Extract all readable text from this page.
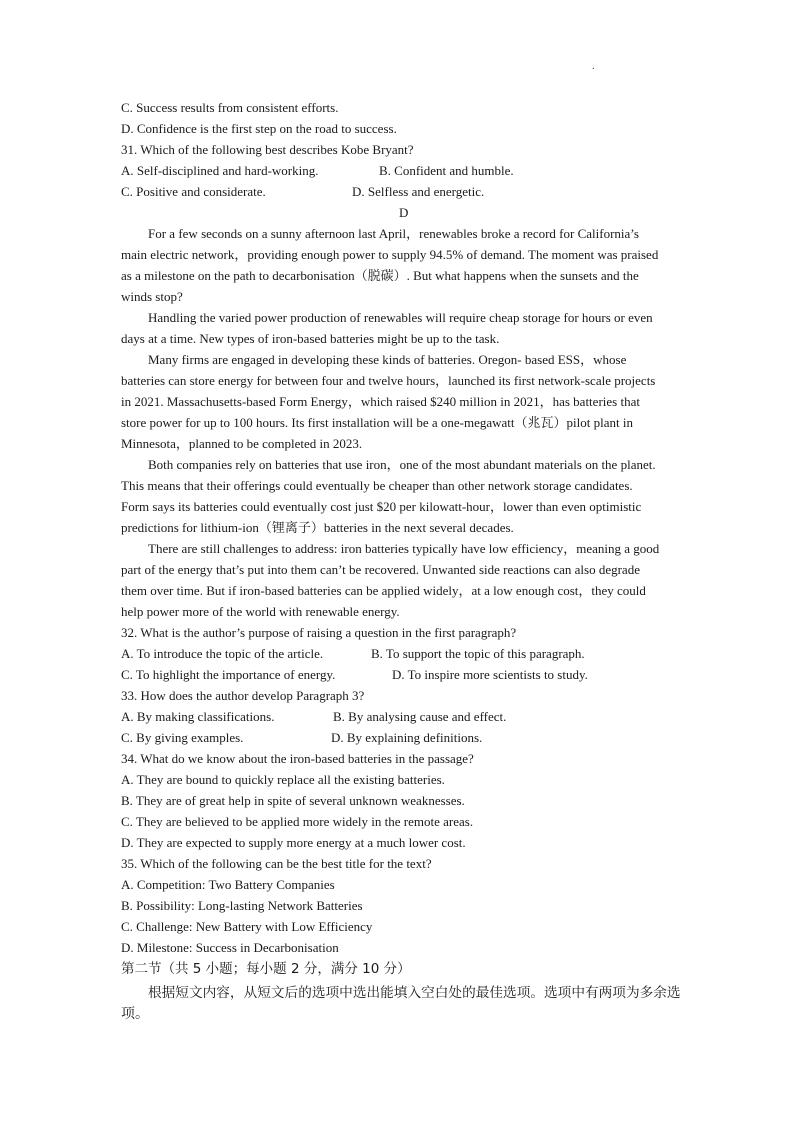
.
C. Success results from consistent efforts.
D. Confidence is the first step on the road to success.
31. Which of the following best describes Kobe Bryant?
A. Self-disciplined and hard-working.	B. Confident and humble.
C. Positive and considerate.	D. Selfless and energetic.
D
For a few seconds on a sunny afternoon last April，renewables broke a record for California’s
main electric network，providing enough power to supply 94.5% of demand. The moment was praised
as a milestone on the path to decarbonisation（脱碳）. But what happens when the sunsets and the
winds stop?
Handling the varied power production of renewables will require cheap storage for hours or even
days at a time. New types of iron-based batteries might be up to the task.
Many firms are engaged in developing these kinds of batteries. Oregon- based ESS，whose
batteries can store energy for between four and twelve hours，launched its first network-scale projects
in 2021. Massachusetts-based Form Energy，which raised $240 million in 2021，has batteries that
store power for up to 100 hours. Its first installation will be a one-megawatt（兆瓦）pilot plant in
Minnesota，planned to be completed in 2023.
Both companies rely on batteries that use iron，one of the most abundant materials on the planet.
This means that their offerings could eventually be cheaper than other network storage candidates.
Form says its batteries could eventually cost just $20 per kilowatt-hour，lower than even optimistic
predictions for lithium-ion（锂离子）batteries in the next several decades.
There are still challenges to address: iron batteries typically have low efficiency，meaning a good
part of the energy that’s put into them can’t be recovered. Unwanted side reactions can also degrade
them over time. But if iron-based batteries can be applied widely，at a low enough cost，they could
help power more of the world with renewable energy.
32. What is the author’s purpose of raising a question in the first paragraph?
A. To introduce the topic of the article.	B. To support the topic of this paragraph.
C. To highlight the importance of energy.	D. To inspire more scientists to study.
33. How does the author develop Paragraph 3?
A. By making classifications.	B. By analysing cause and effect.
C. By giving examples.	D. By explaining definitions.
34. What do we know about the iron-based batteries in the passage?
A. They are bound to quickly replace all the existing batteries.
B. They are of great help in spite of several unknown weaknesses.
C. They are believed to be applied more widely in the remote areas.
D. They are expected to supply more energy at a much lower cost.
35. Which of the following can be the best title for the text?
A. Competition: Two Battery Companies
B. Possibility: Long-lasting Network Batteries
C. Challenge: New Battery with Low Efficiency
D. Milestone: Success in Decarbonisation
第二节（共 5 小题；每小题 2 分，满分 10 分）
根据短文内容，从短文后的选项中选出能填入空白处的最佳选项。选项中有两项为多余选
项。
